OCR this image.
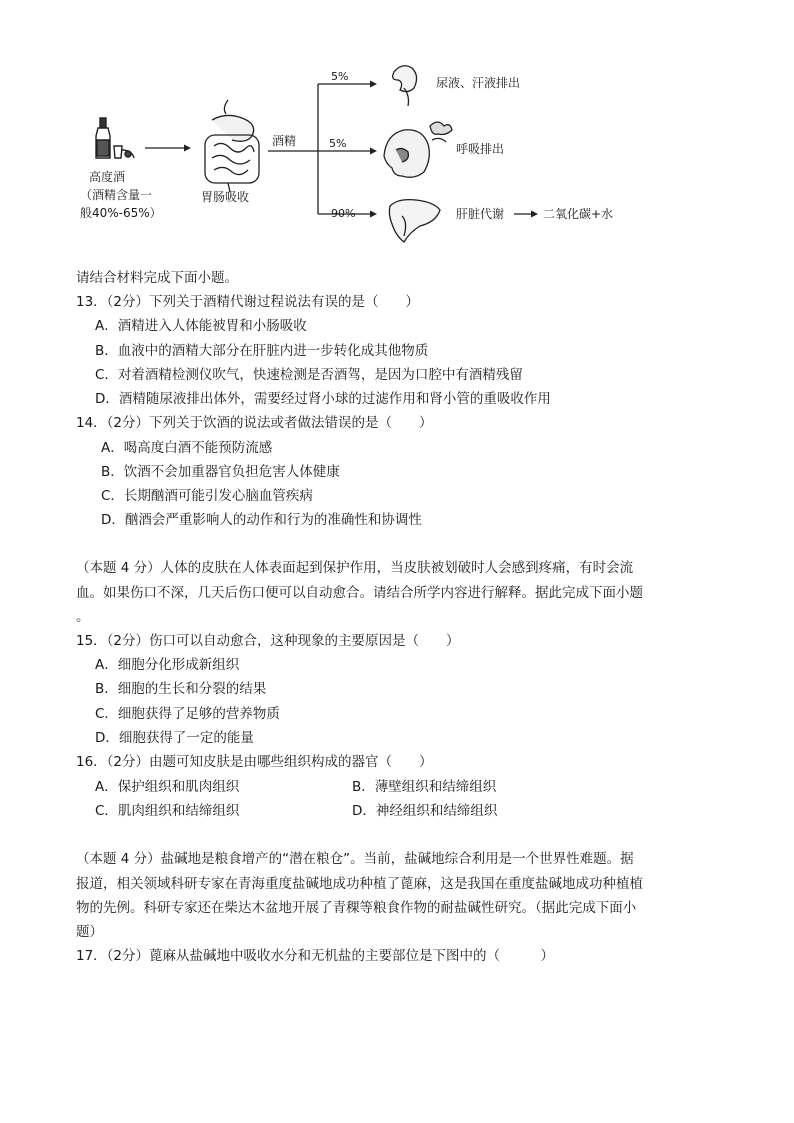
高度酒
（酒精含量一
般40%-65%）
胃肠吸收
酒精
5%	尿液、汗液排出
5%	呼吸排出
90%	肝脏代谢	二氧化碳+水
请结合材料完成下面小题。
13．（2分）下列关于酒精代谢过程说法有误的是（　　）
A．酒精进入人体能被胃和小肠吸收
B．血液中的酒精大部分在肝脏内进一步转化成其他物质
C．对着酒精检测仪吹气，快速检测是否酒驾，是因为口腔中有酒精残留
D．酒精随尿液排出体外，需要经过肾小球的过滤作用和肾小管的重吸收作用
14．（2分）下列关于饮酒的说法或者做法错误的是（　　）
A．喝高度白酒不能预防流感
B．饮酒不会加重器官负担危害人体健康
C．长期酗酒可能引发心脑血管疾病
D．酗酒会严重影响人的动作和行为的准确性和协调性
（本题 4 分）人体的皮肤在人体表面起到保护作用，当皮肤被划破时人会感到疼痛，有时会流
血。如果伤口不深，几天后伤口便可以自动愈合。请结合所学内容进行解释。据此完成下面小题
。
15．（2分）伤口可以自动愈合，这种现象的主要原因是（　　）
A．细胞分化形成新组织
B．细胞的生长和分裂的结果
C．细胞获得了足够的营养物质
D．细胞获得了一定的能量
16．（2分）由题可知皮肤是由哪些组织构成的器官（　　）
A．保护组织和肌肉组织	B．薄壁组织和结缔组织
C．肌肉组织和结缔组织	D．神经组织和结缔组织
（本题 4 分）盐碱地是粮食增产的“潜在粮仓”。当前，盐碱地综合利用是一个世界性难题。据
报道，相关领域科研专家在青海重度盐碱地成功种植了蓖麻，这是我国在重度盐碱地成功种植植
物的先例。科研专家还在柴达木盆地开展了青稞等粮食作物的耐盐碱性研究。（据此完成下面小
题）
17．（2分）蓖麻从盐碱地中吸收水分和无机盐的主要部位是下图中的（　　　）
